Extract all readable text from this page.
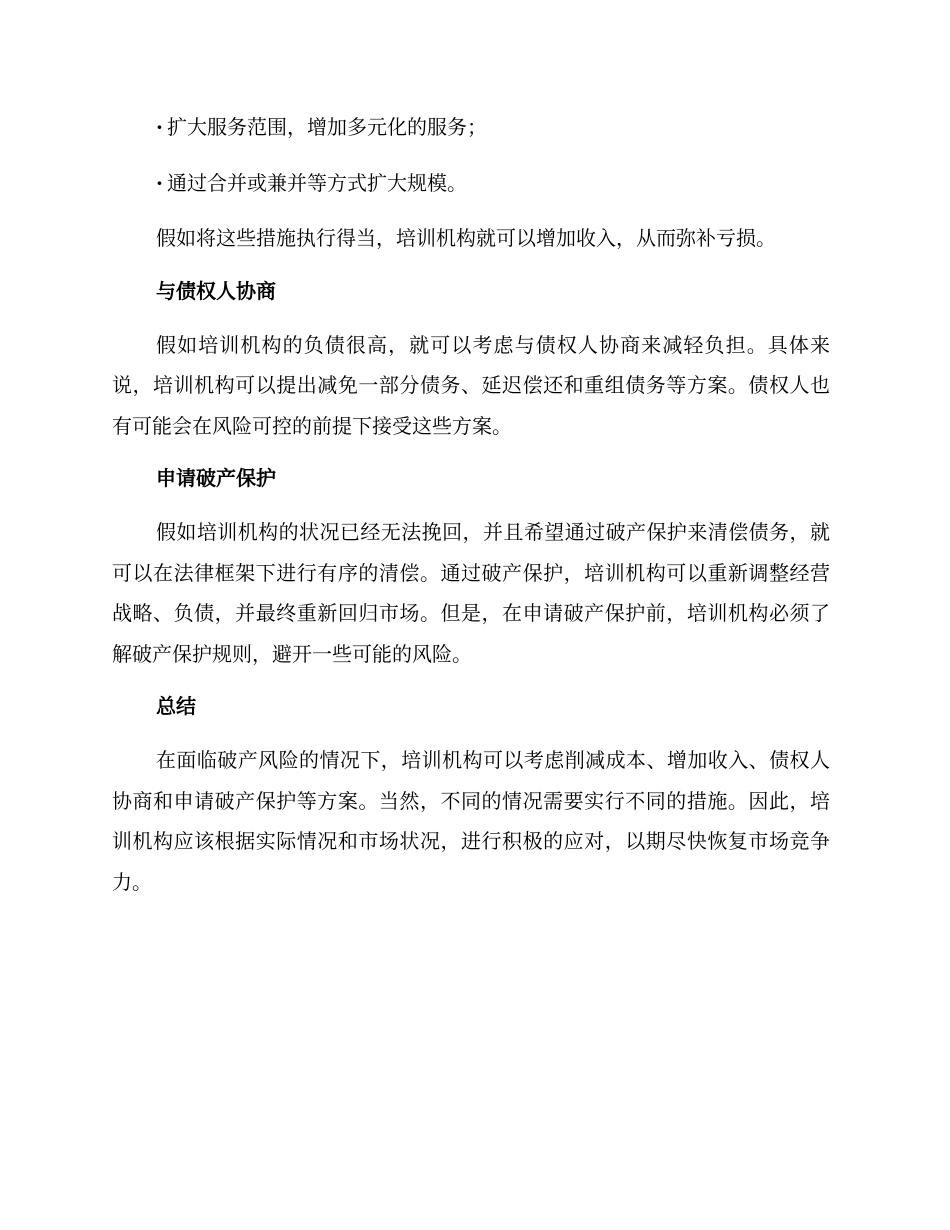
· 扩大服务范围，增加多元化的服务；
· 通过合并或兼并等方式扩大规模。

假如将这些措施执行得当，培训机构就可以增加收入，从而弥补亏损。

与债权人协商

假如培训机构的负债很高，就可以考虑与债权人协商来减轻负担。具体来说，培训机构可以提出减免一部分债务、延迟偿还和重组债务等方案。债权人也有可能会在风险可控的前提下接受这些方案。

申请破产保护

假如培训机构的状况已经无法挽回，并且希望通过破产保护来清偿债务，就可以在法律框架下进行有序的清偿。通过破产保护，培训机构可以重新调整经营战略、负债，并最终重新回归市场。但是，在申请破产保护前，培训机构必须了解破产保护规则，避开一些可能的风险。

总结

在面临破产风险的情况下，培训机构可以考虑削减成本、增加收入、债权人协商和申请破产保护等方案。当然，不同的情况需要实行不同的措施。因此，培训机构应该根据实际情况和市场状况，进行积极的应对，以期尽快恢复市场竞争力。
